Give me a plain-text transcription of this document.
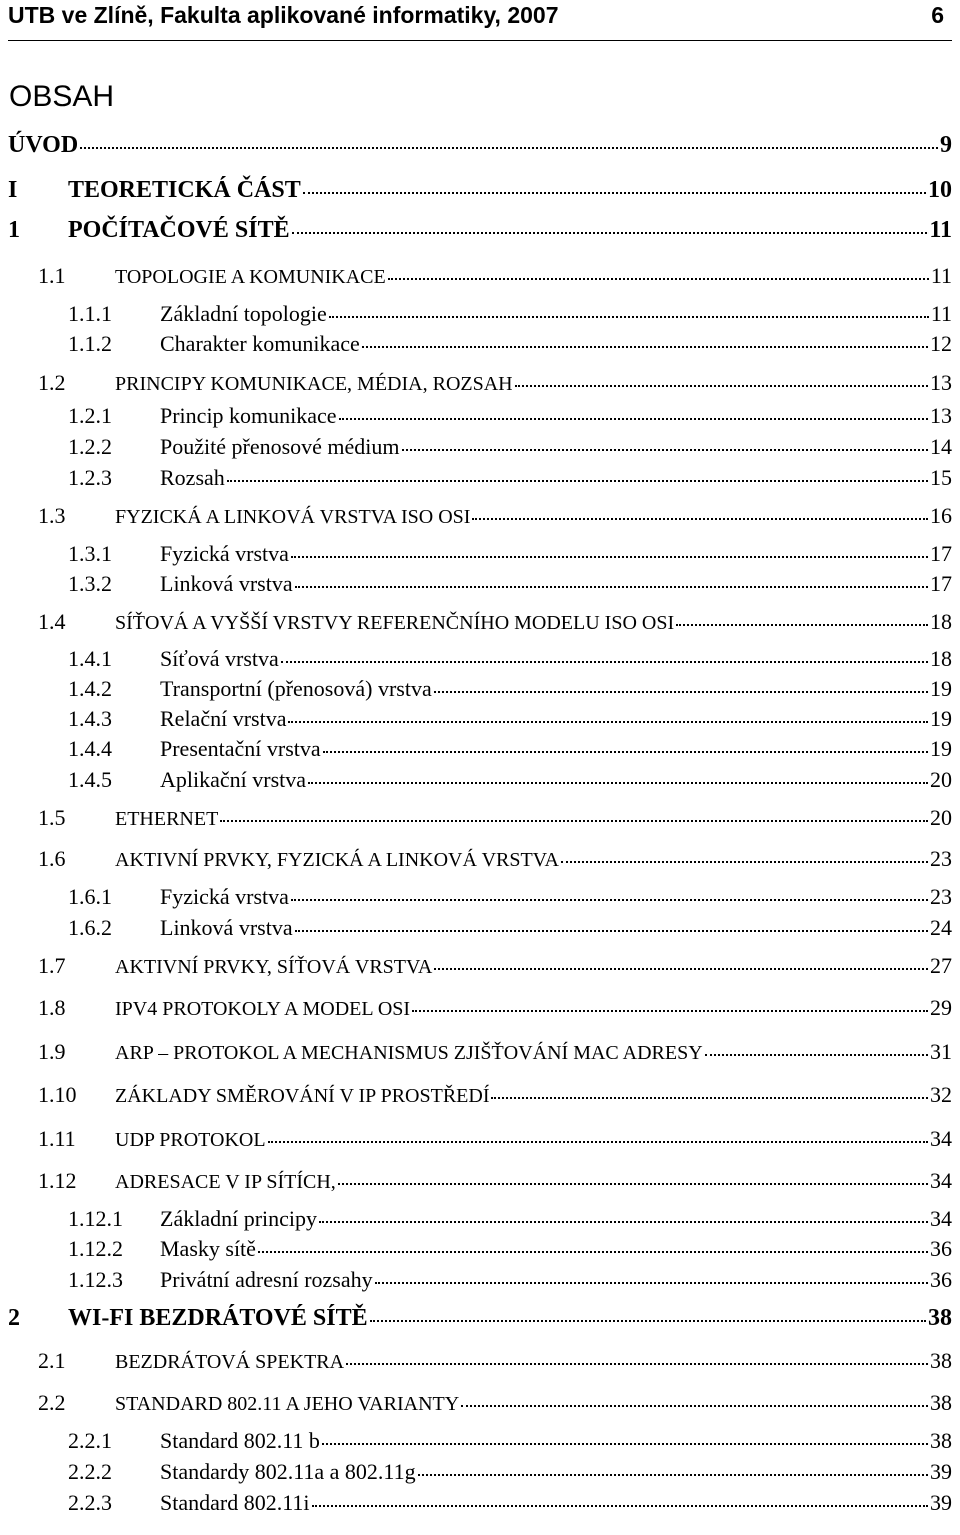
UTB ve Zlíně, Fakulta aplikované informatiky, 2007	6
OBSAH
ÚVOD	9
I TEORETICKÁ ČÁST	10
1 POČÍTAČOVÉ SÍTĚ	11
1.1 TOPOLOGIE A KOMUNIKACE	11
1.1.1 Základní topologie	11
1.1.2 Charakter komunikace	12
1.2 PRINCIPY KOMUNIKACE, MÉDIA, ROZSAH	13
1.2.1 Princip komunikace	13
1.2.2 Použité přenosové médium	14
1.2.3 Rozsah	15
1.3 FYZICKÁ A LINKOVÁ VRSTVA ISO OSI	16
1.3.1 Fyzická vrstva	17
1.3.2 Linková vrstva	17
1.4 SÍŤOVÁ A VYŠŠÍ VRSTVY REFERENČNÍHO MODELU ISO OSI	18
1.4.1 Síťová vrstva	18
1.4.2 Transportní (přenosová) vrstva	19
1.4.3 Relační vrstva	19
1.4.4 Presentační vrstva	19
1.4.5 Aplikační vrstva	20
1.5 ETHERNET	20
1.6 AKTIVNÍ PRVKY, FYZICKÁ A LINKOVÁ VRSTVA	23
1.6.1 Fyzická vrstva	23
1.6.2 Linková vrstva	24
1.7 AKTIVNÍ PRVKY, SÍŤOVÁ VRSTVA	27
1.8 IPV4 PROTOKOLY A MODEL OSI	29
1.9 ARP – PROTOKOL A MECHANISMUS ZJIŠŤOVÁNÍ MAC ADRESY	31
1.10 ZÁKLADY SMĚROVÁNÍ V IP PROSTŘEDÍ	32
1.11 UDP PROTOKOL	34
1.12 ADRESACE V IP SÍTÍCH,	34
1.12.1 Základní principy	34
1.12.2 Masky sítě	36
1.12.3 Privátní adresní rozsahy	36
2 WI-FI BEZDRÁTOVÉ SÍTĚ	38
2.1 BEZDRÁTOVÁ SPEKTRA	38
2.2 STANDARD 802.11 A JEHO VARIANTY	38
2.2.1 Standard 802.11 b	38
2.2.2 Standardy 802.11a a 802.11g	39
2.2.3 Standard 802.11i	39
